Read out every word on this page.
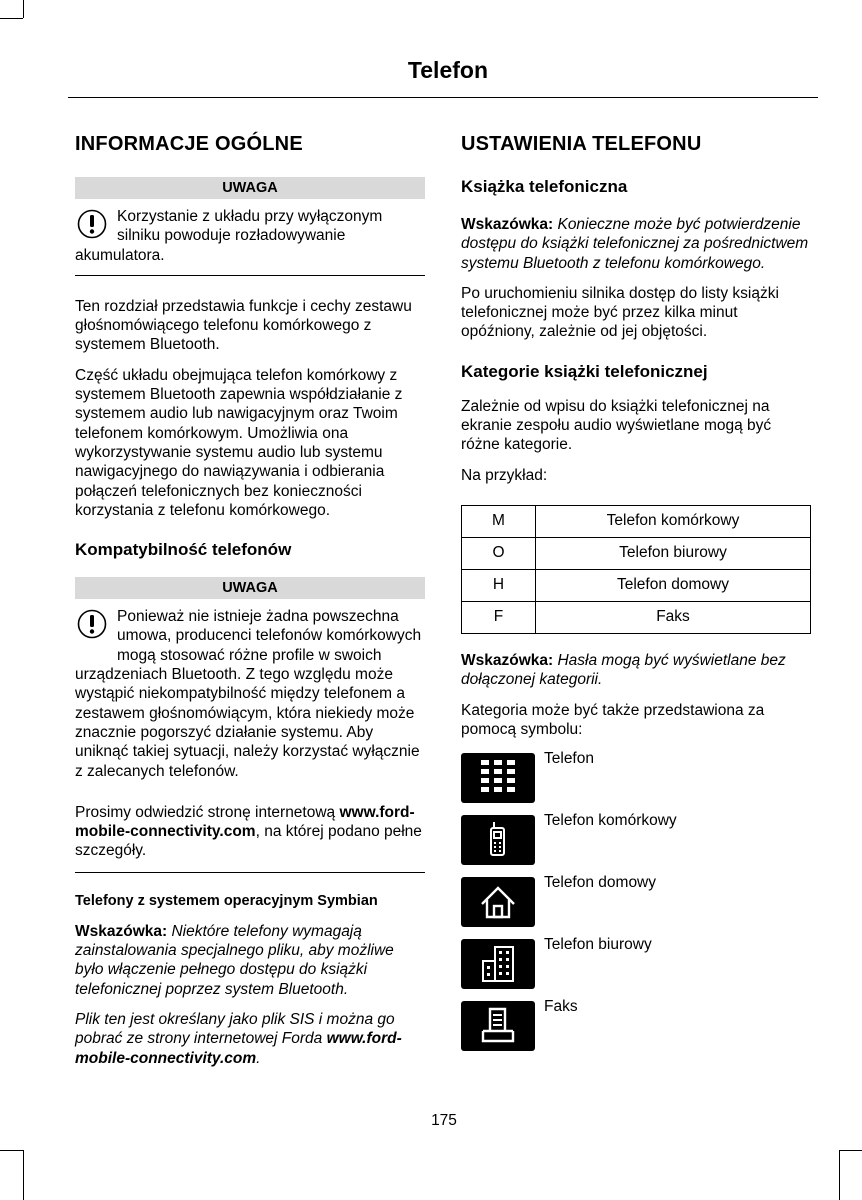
Telefon
INFORMACJE OGÓLNE
UWAGA
Korzystanie z układu przy wyłączonym silniku powoduje rozładowywanie akumulatora.

Ten rozdział przedstawia funkcje i cechy zestawu głośnomówiącego telefonu komórkowego z systemem Bluetooth.

Część układu obejmująca telefon komórkowy z systemem Bluetooth zapewnia współdziałanie z systemem audio lub nawigacyjnym oraz Twoim telefonem komórkowym. Umożliwia ona wykorzystywanie systemu audio lub systemu nawigacyjnego do nawiązywania i odbierania połączeń telefonicznych bez konieczności korzystania z telefonu komórkowego.

Kompatybilność telefonów
UWAGA
Ponieważ nie istnieje żadna powszechna umowa, producenci telefonów komórkowych mogą stosować różne profile w swoich urządzeniach Bluetooth. Z tego względu może wystąpić niekompatybilność między telefonem a zestawem głośnomówiącym, która niekiedy może znacznie pogorszyć działanie systemu. Aby uniknąć takiej sytuacji, należy korzystać wyłącznie z zalecanych telefonów.

Prosimy odwiedzić stronę internetową www.ford- mobile-connectivity.com, na której podano pełne szczegóły.

Telefony z systemem operacyjnym Symbian

Wskazówka: Niektóre telefony wymagają zainstalowania specjalnego pliku, aby możliwe było włączenie pełnego dostępu do książki telefonicznej poprzez system Bluetooth.

Plik ten jest określany jako plik SIS i można go pobrać ze strony internetowej Forda www.ford-mobile-connectivity.com.

USTAWIENIA TELEFONU
Książka telefoniczna

Wskazówka: Konieczne może być potwierdzenie dostępu do książki telefonicznej za pośrednictwem systemu Bluetooth z telefonu komórkowego.

Po uruchomieniu silnika dostęp do listy książki telefonicznej może być przez kilka minut opóźniony, zależnie od jej objętości.

Kategorie książki telefonicznej

Zależnie od wpisu do książki telefonicznej na ekranie zespołu audio wyświetlane mogą być różne kategorie.

Na przykład:

M	Telefon komórkowy
O	Telefon biurowy
H	Telefon domowy
F	Faks

Wskazówka: Hasła mogą być wyświetlane bez dołączonej kategorii.

Kategoria może być także przedstawiona za pomocą symbolu:

Telefon
Telefon komórkowy
Telefon domowy
Telefon biurowy
Faks
175
